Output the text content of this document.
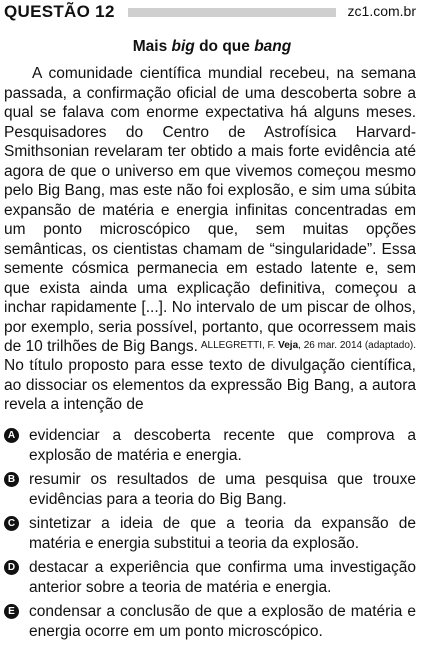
QUESTÃO 12	zc1.com.br
Mais big do que bang

A comunidade científica mundial recebeu, na semana passada, a confirmação oficial de uma descoberta sobre a qual se falava com enorme expectativa há alguns meses. Pesquisadores do Centro de Astrofísica Harvard-Smithsonian revelaram ter obtido a mais forte evidência até agora de que o universo em que vivemos começou mesmo pelo Big Bang, mas este não foi explosão, e sim uma súbita expansão de matéria e energia infinitas concentradas em um ponto microscópico que, sem muitas opções semânticas, os cientistas chamam de “singularidade”. Essa semente cósmica permanecia em estado latente e, sem que exista ainda uma explicação definitiva, começou a inchar rapidamente [...]. No intervalo de um piscar de olhos, por exemplo, seria possível, portanto, que ocorressem mais de 10 trilhões de Big Bangs. ALLEGRETTI, F. Veja, 26 mar. 2014 (adaptado).

No título proposto para esse texto de divulgação científica, ao dissociar os elementos da expressão Big Bang, a autora revela a intenção de

A evidenciar a descoberta recente que comprova a explosão de matéria e energia.
B resumir os resultados de uma pesquisa que trouxe evidências para a teoria do Big Bang.
C sintetizar a ideia de que a teoria da expansão de matéria e energia substitui a teoria da explosão.
D destacar a experiência que confirma uma investigação anterior sobre a teoria de matéria e energia.
E condensar a conclusão de que a explosão de matéria e energia ocorre em um ponto microscópico.
